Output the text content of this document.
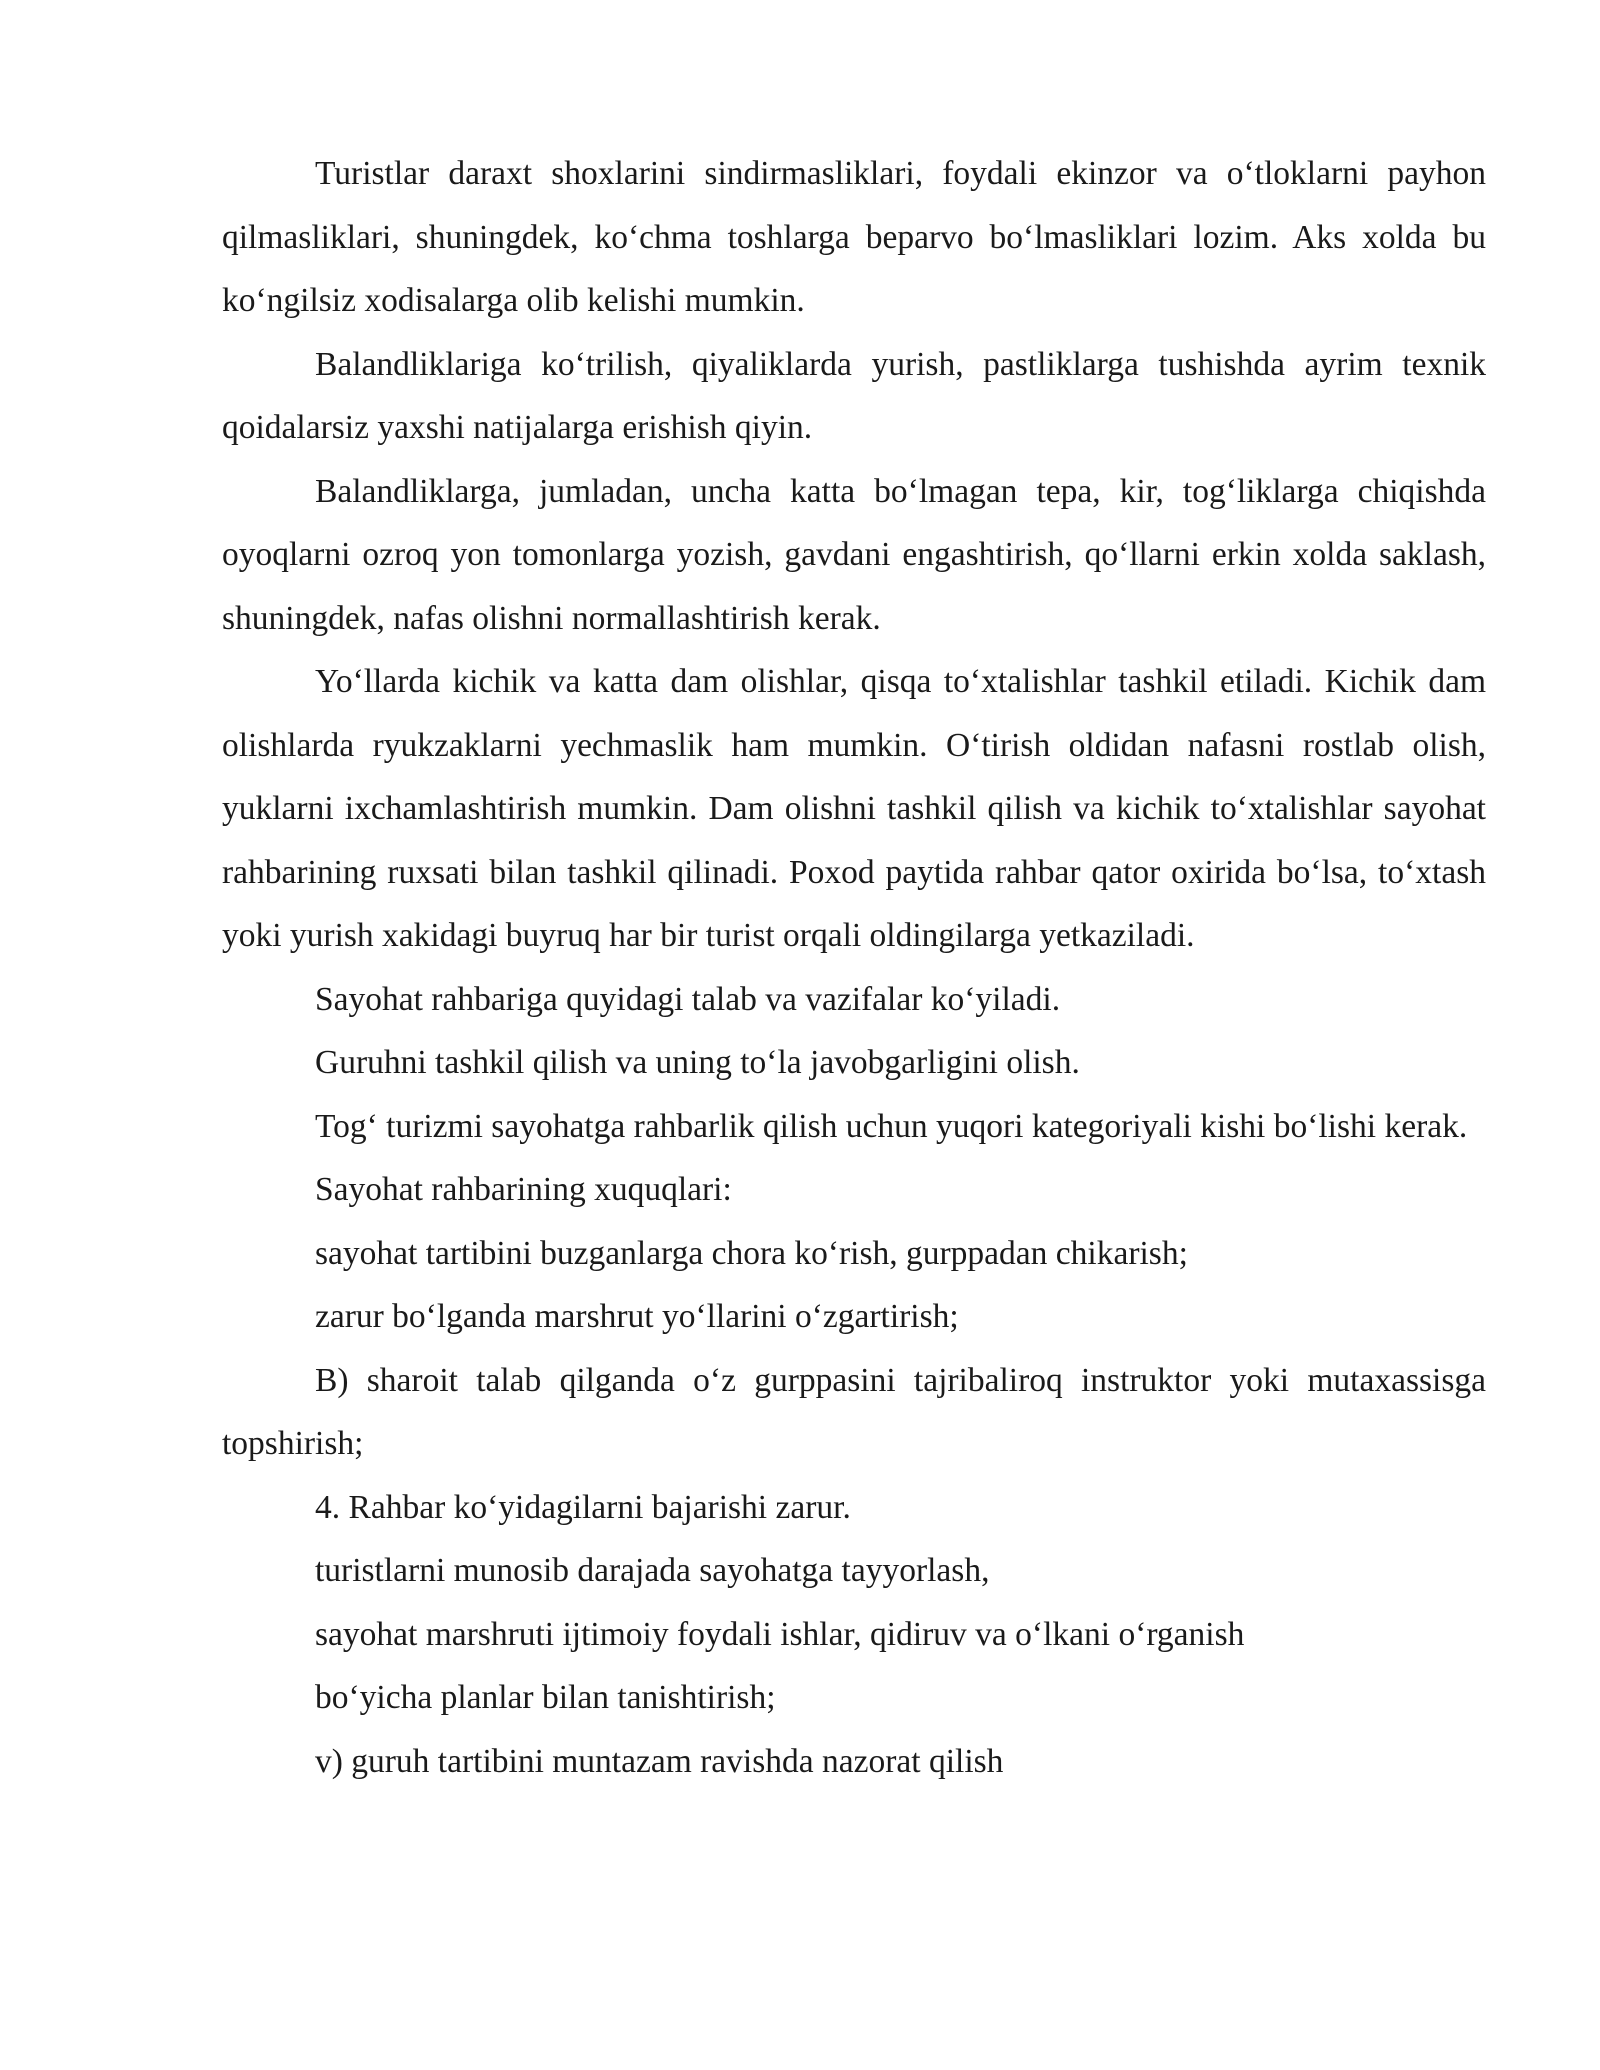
Turistlar daraxt shoxlarini sindirmasliklari, foydali ekinzor va o‘tloklarni payhon qilmasliklari, shuningdek, ko‘chma toshlarga beparvo bo‘lmasliklari lozim. Aks xolda bu ko‘ngilsiz xodisalarga olib kelishi mumkin.

Balandliklariga ko‘trilish, qiyaliklarda yurish, pastliklarga tushishda ayrim texnik qoidalarsiz yaxshi natijalarga erishish qiyin.

Balandliklarga, jumladan, uncha katta bo‘lmagan tepa, kir, tog‘liklarga chiqishda oyoqlarni ozroq yon tomonlarga yozish, gavdani engashtirish, qo‘llarni erkin xolda saklash, shuningdek, nafas olishni normallashtirish kerak.

Yo‘llarda kichik va katta dam olishlar, qisqa to‘xtalishlar tashkil etiladi. Kichik dam olishlarda ryukzaklarni yechmaslik ham mumkin. O‘tirish oldidan nafasni rostlab olish, yuklarni ixchamlashtirish mumkin. Dam olishni tashkil qilish va kichik to‘xtalishlar sayohat rahbarining ruxsati bilan tashkil qilinadi. Poxod paytida rahbar qator oxirida bo‘lsa, to‘xtash yoki yurish xakidagi buyruq har bir turist orqali oldingilarga yetkaziladi.

Sayohat rahbariga quyidagi talab va vazifalar ko‘yiladi.

Guruhni tashkil qilish va uning to‘la javobgarligini olish.

Tog‘ turizmi sayohatga rahbarlik qilish uchun yuqori kategoriyali kishi bo‘lishi kerak.

Sayohat rahbarining xuquqlari:

sayohat tartibini buzganlarga chora ko‘rish, gurppadan chikarish;

zarur bo‘lganda marshrut yo‘llarini o‘zgartirish;

B) sharoit talab qilganda o‘z gurppasini tajribaliroq instruktor yoki mutaxassisga topshirish;

4. Rahbar ko‘yidagilarni bajarishi zarur.

turistlarni munosib darajada sayohatga tayyorlash,

sayohat marshruti ijtimoiy foydali ishlar, qidiruv va o‘lkani o‘rganish

bo‘yicha planlar bilan tanishtirish;

v) guruh tartibini muntazam ravishda nazorat qilish
